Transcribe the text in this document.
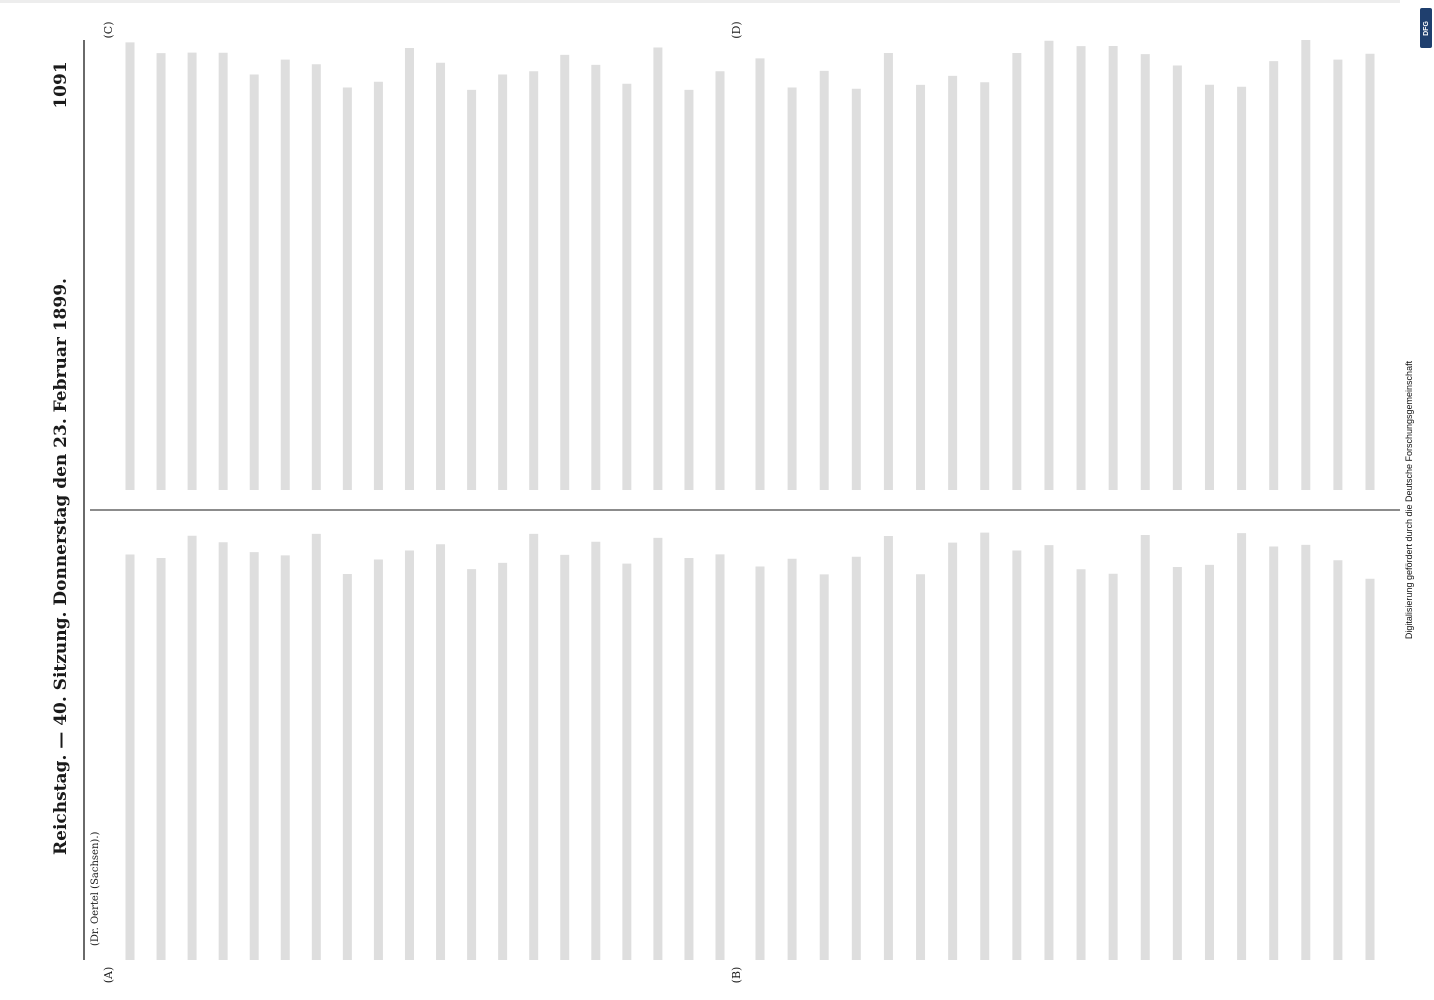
Reichstag. — 40. Sitzung. Donnerstag den 23. Februar 1899.
(Dr. Oertel (Sachsen).)
(A)	(B)
1091
(C)	(D)
Digitalisierung gefördert durch die Deutsche Forschungsgemeinschaft
DFG
